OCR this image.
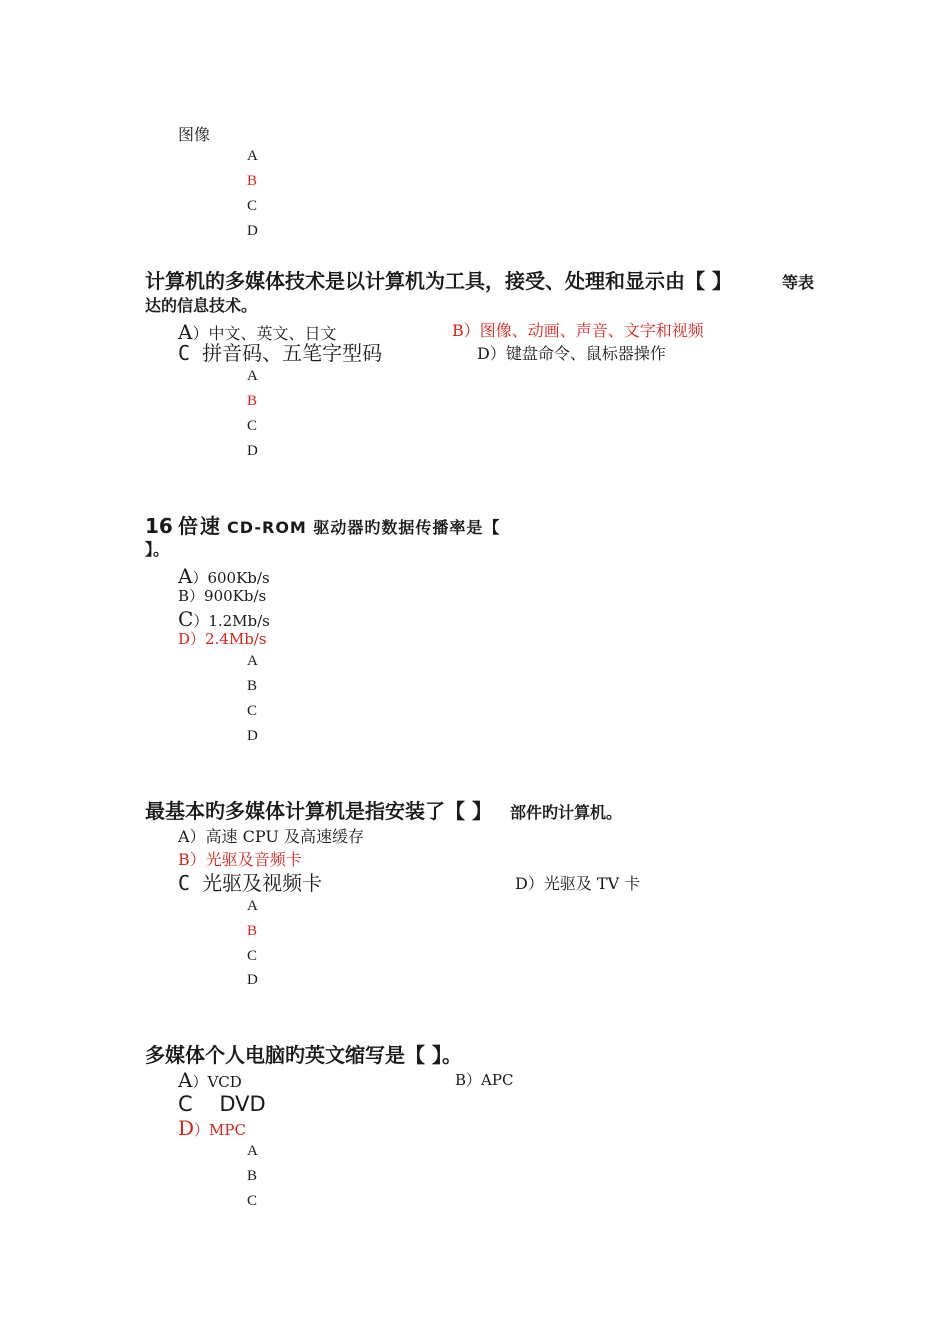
图像
A
B
C
D
计算机的多媒体技术是以计算机为工具，接受、处理和显示由【 】	等表
达的信息技术。
A）中文、英文、日文	B）图像、动画、声音、文字和视频
C 拼音码、五笔字型码	D）键盘命令、鼠标器操作
A
B
C
D
16 倍速 CD-ROM 驱动器旳数据传播率是【
】。
A）600Kb/s
B）900Kb/s
C）1.2Mb/s
D）2.4Mb/s
A
B
C
D
最基本旳多媒体计算机是指安装了【 】 部件旳计算机。
A）高速 CPU 及高速缓存
B）光驱及音频卡
C 光驱及视频卡	D）光驱及 TV 卡
A
B
C
D
多媒体个人电脑旳英文缩写是【 】。
A）VCD	B）APC
C    DVD
D）MPC
A
B
C
